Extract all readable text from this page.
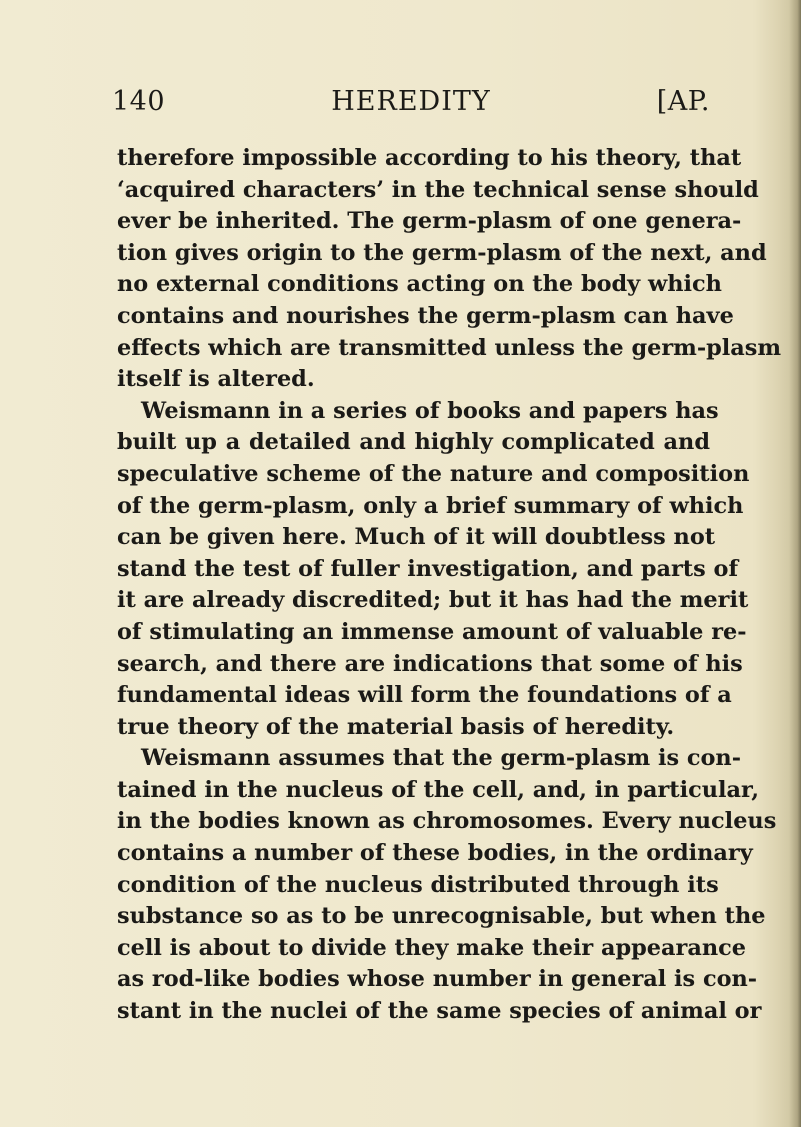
140	HEREDITY	[AP.
therefore impossible according to his theory, that
‘acquired characters’ in the technical sense should
ever be inherited. The germ-plasm of one genera-
tion gives origin to the germ-plasm of the next, and
no external conditions acting on the body which
contains and nourishes the germ-plasm can have
effects which are transmitted unless the germ-plasm
itself is altered.
Weismann in a series of books and papers has
built up a detailed and highly complicated and
speculative scheme of the nature and composition
of the germ-plasm, only a brief summary of which
can be given here. Much of it will doubtless not
stand the test of fuller investigation, and parts of
it are already discredited; but it has had the merit
of stimulating an immense amount of valuable re-
search, and there are indications that some of his
fundamental ideas will form the foundations of a
true theory of the material basis of heredity.
Weismann assumes that the germ-plasm is con-
tained in the nucleus of the cell, and, in particular,
in the bodies known as chromosomes. Every nucleus
contains a number of these bodies, in the ordinary
condition of the nucleus distributed through its
substance so as to be unrecognisable, but when the
cell is about to divide they make their appearance
as rod-like bodies whose number in general is con-
stant in the nuclei of the same species of animal or
